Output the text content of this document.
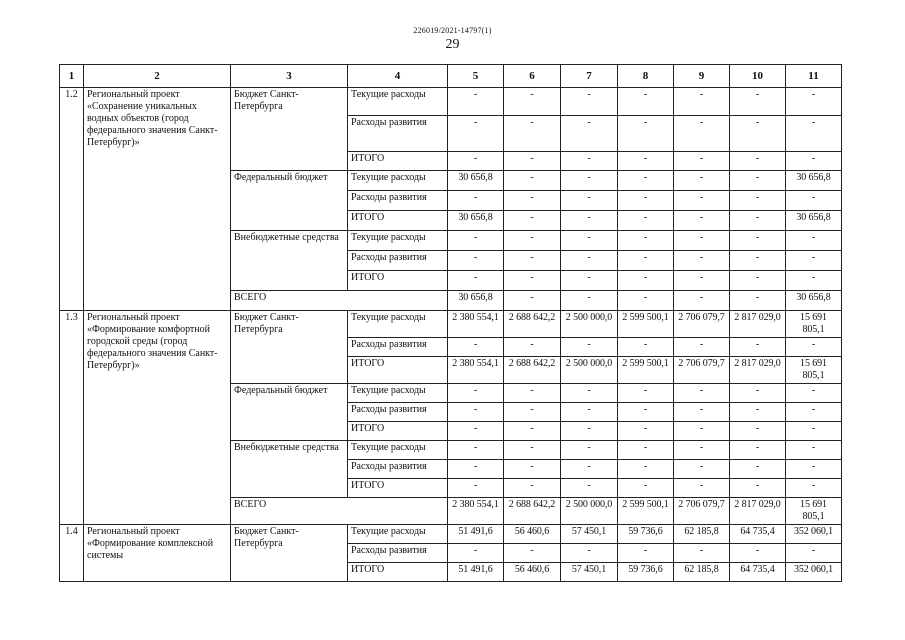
226019/2021-14797(1)
29
1	2	3	4	5	6	7	8	9	10	11
1.2	Региональный проект «Сохранение уникальных водных объектов (город федерального значения Санкт-Петербург)»	Бюджет Санкт-Петербурга	Текущие расходы	-	-	-	-	-	-	-
			Расходы развития	-	-	-	-	-	-	-
			ИТОГО	-	-	-	-	-	-	-
		Федеральный бюджет	Текущие расходы	30 656,8	-	-	-	-	-	30 656,8
			Расходы развития	-	-	-	-	-	-	-
			ИТОГО	30 656,8	-	-	-	-	-	30 656,8
		Внебюджетные средства	Текущие расходы	-	-	-	-	-	-	-
			Расходы развития	-	-	-	-	-	-	-
			ИТОГО	-	-	-	-	-	-	-
		ВСЕГО		30 656,8	-	-	-	-	-	30 656,8
1.3	Региональный проект «Формирование комфортной городской среды (город федерального значения Санкт-Петербург)»	Бюджет Санкт-Петербурга	Текущие расходы	2 380 554,1	2 688 642,2	2 500 000,0	2 599 500,1	2 706 079,7	2 817 029,0	15 691 805,1
			Расходы развития	-	-	-	-	-	-	-
			ИТОГО	2 380 554,1	2 688 642,2	2 500 000,0	2 599 500,1	2 706 079,7	2 817 029,0	15 691 805,1
		Федеральный бюджет	Текущие расходы	-	-	-	-	-	-	-
			Расходы развития	-	-	-	-	-	-	-
			ИТОГО	-	-	-	-	-	-	-
		Внебюджетные средства	Текущие расходы	-	-	-	-	-	-	-
			Расходы развития	-	-	-	-	-	-	-
			ИТОГО	-	-	-	-	-	-	-
		ВСЕГО		2 380 554,1	2 688 642,2	2 500 000,0	2 599 500,1	2 706 079,7	2 817 029,0	15 691 805,1
1.4	Региональный проект «Формирование комплексной системы	Бюджет Санкт-Петербурга	Текущие расходы	51 491,6	56 460,6	57 450,1	59 736,6	62 185,8	64 735,4	352 060,1
			Расходы развития	-	-	-	-	-	-	-
			ИТОГО	51 491,6	56 460,6	57 450,1	59 736,6	62 185,8	64 735,4	352 060,1
